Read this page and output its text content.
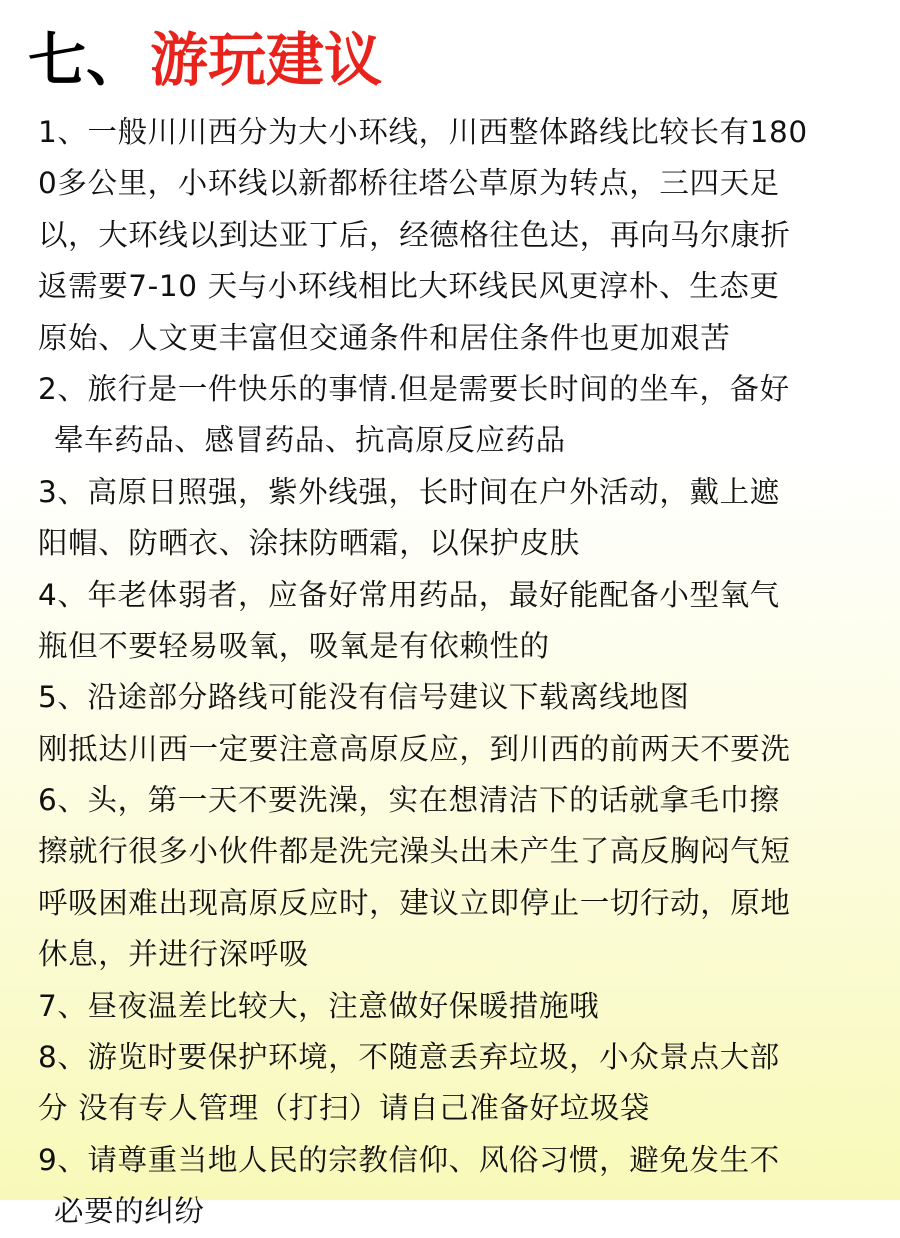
七、 游玩建议
1、一般川川西分为大小环线，川西整体路线比较长有180
0多公里，小环线以新都桥往塔公草原为转点，三四天足
以，大环线以到达亚丁后，经德格往色达，再向马尔康折
返需要7-10 天与小环线相比大环线民风更淳朴、生态更
原始、人文更丰富但交通条件和居住条件也更加艰苦
2、旅行是一件快乐的事情.但是需要长时间的坐车，备好
晕车药品、感冒药品、抗高原反应药品
3、高原日照强，紫外线强，长时间在户外活动，戴上遮
阳帽、防晒衣、涂抹防晒霜，以保护皮肤
4、年老体弱者，应备好常用药品，最好能配备小型氧气
瓶但不要轻易吸氧，吸氧是有依赖性的
5、沿途部分路线可能没有信号建议下载离线地图
刚抵达川西一定要注意高原反应，到川西的前两天不要洗
6、头，第一天不要洗澡，实在想清洁下的话就拿毛巾擦
擦就行很多小伙件都是洗完澡头出未产生了高反胸闷气短
呼吸困难出现高原反应时，建议立即停止一切行动，原地
休息，并进行深呼吸
7、昼夜温差比较大，注意做好保暖措施哦
8、游览时要保护环境，不随意丢弃垃圾，小众景点大部
分 没有专人管理（打扫）请自己准备好垃圾袋
9、请尊重当地人民的宗教信仰、风俗习惯，避免发生不
必要的纠纷
